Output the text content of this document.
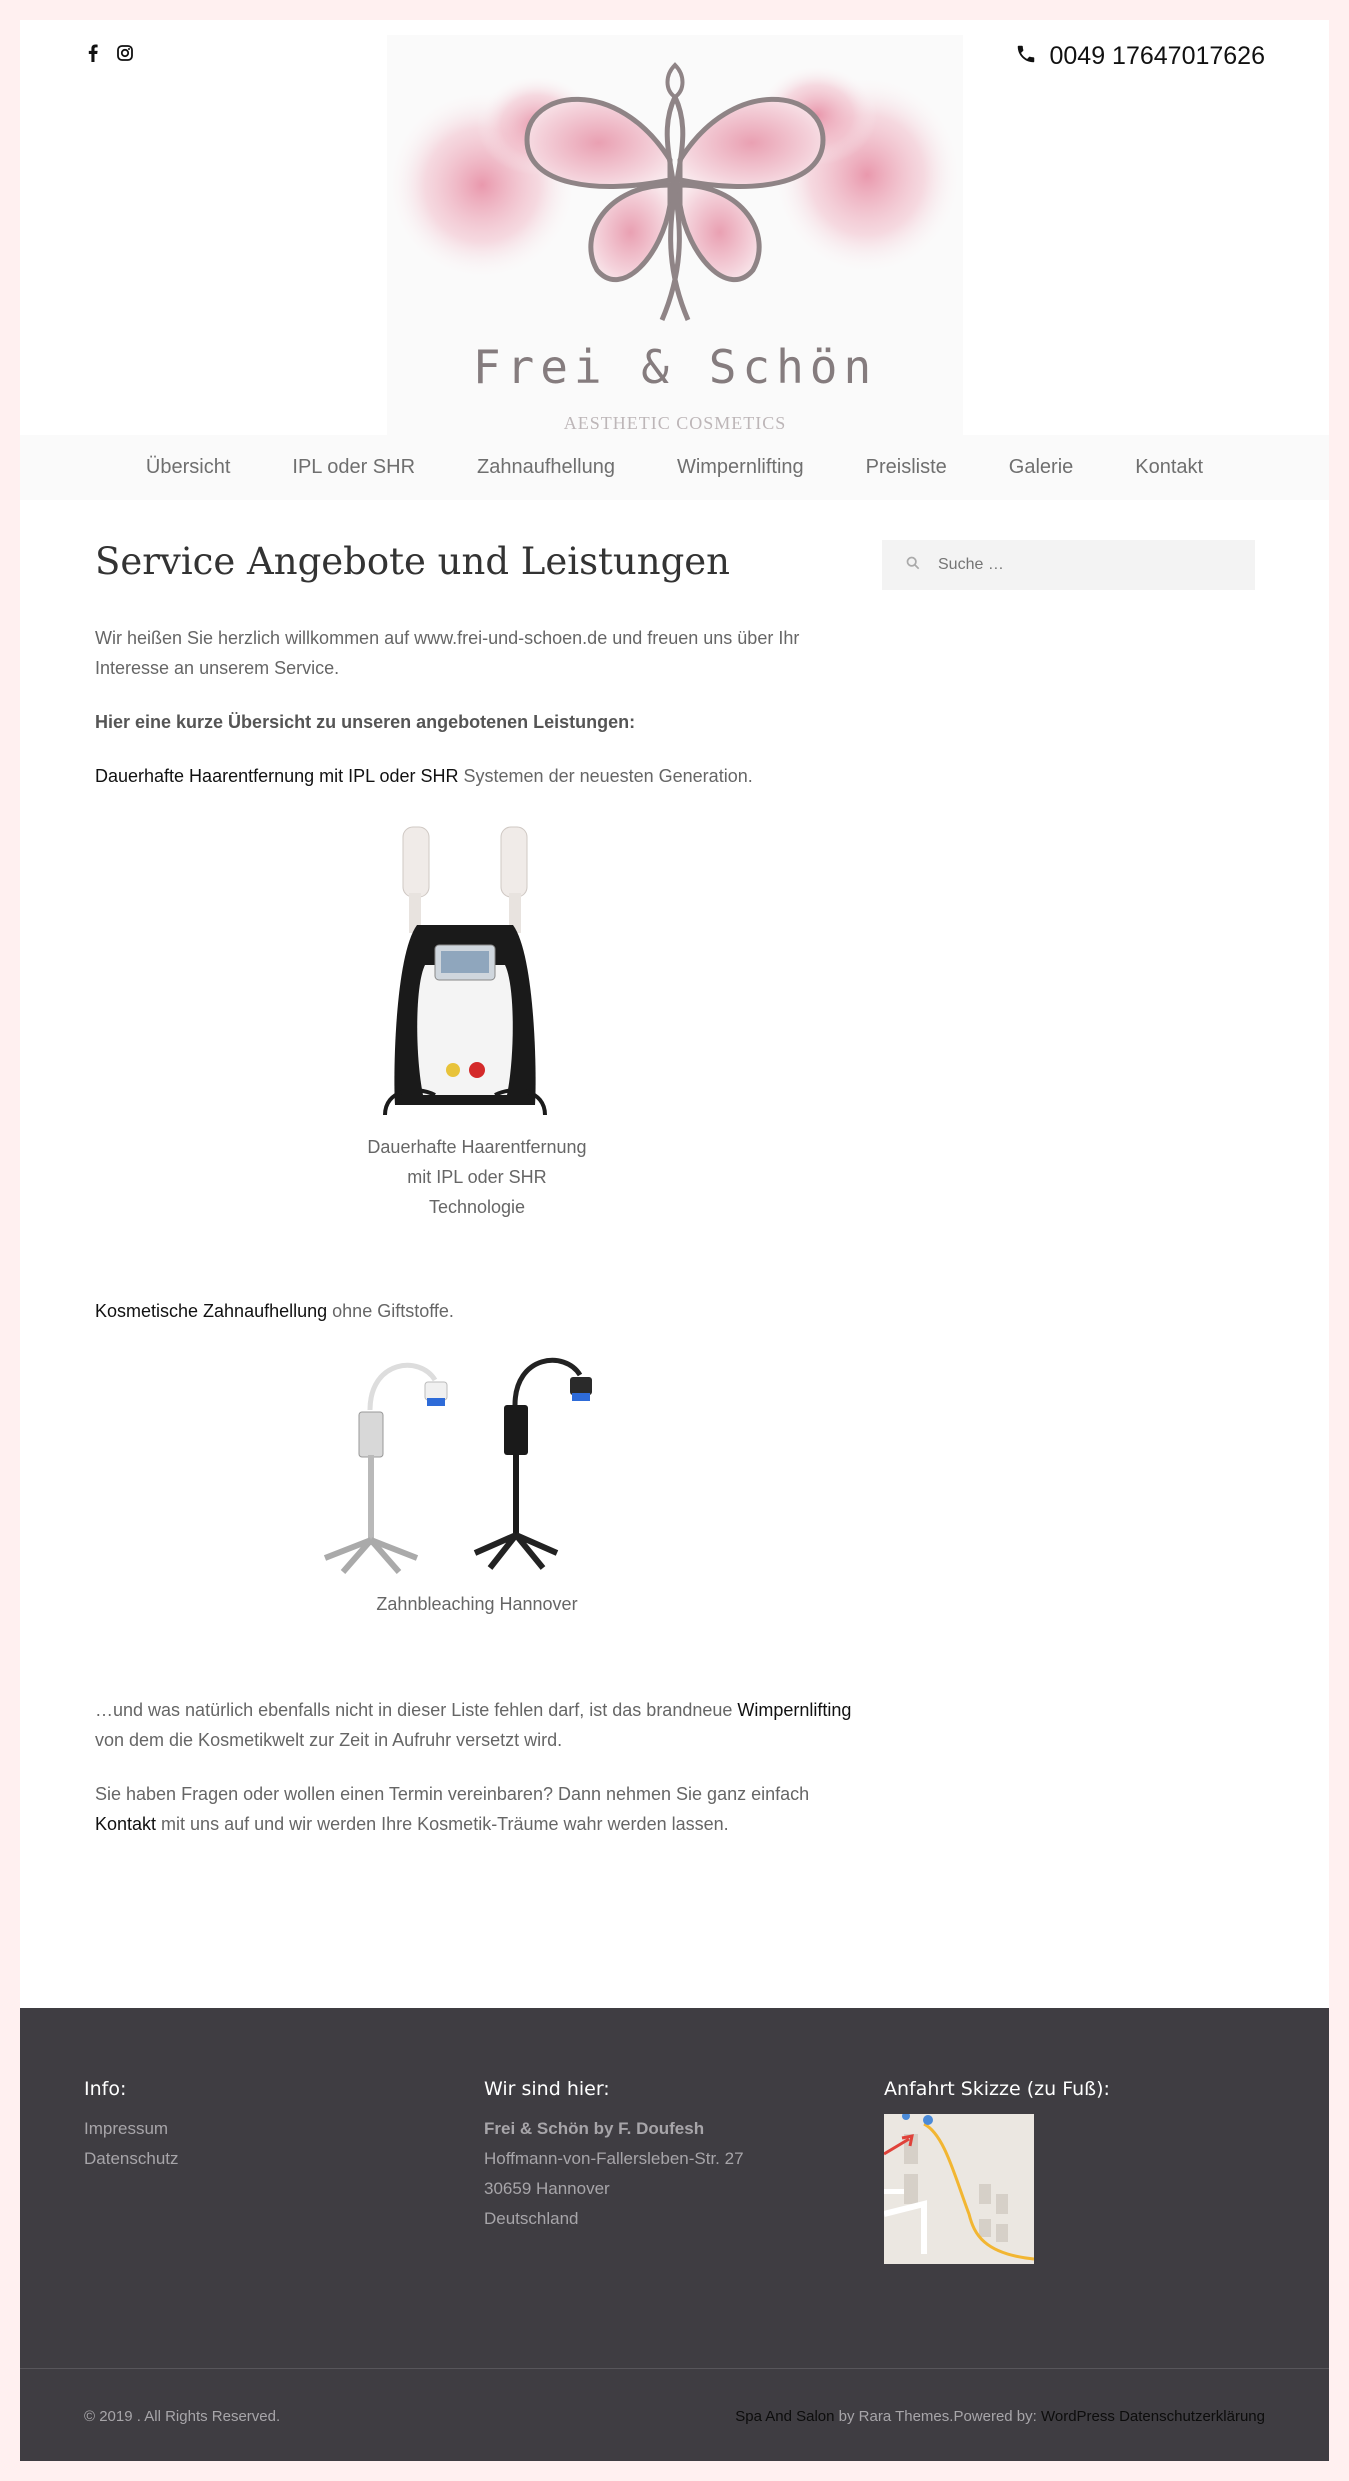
0049 17647017626
Frei & Schön
AESTHETIC COSMETICS
Übersicht	IPL oder SHR	Zahnaufhellung	Wimpernlifting	Preisliste	Galerie	Kontakt
Service Angebote und Leistungen

Wir heißen Sie herzlich willkommen auf www.frei-und-schoen.de und freuen uns über Ihr Interesse an unserem Service.

Hier eine kurze Übersicht zu unseren angebotenen Leistungen:

Dauerhafte Haarentfernung mit IPL oder SHR Systemen der neuesten Generation.

Dauerhafte Haarentfernung
mit IPL oder SHR
Technologie

Kosmetische Zahnaufhellung ohne Giftstoffe.

Zahnbleaching Hannover

…und was natürlich ebenfalls nicht in dieser Liste fehlen darf, ist das brandneue Wimpernlifting von dem die Kosmetikwelt zur Zeit in Aufruhr versetzt wird.

Sie haben Fragen oder wollen einen Termin vereinbaren? Dann nehmen Sie ganz einfach Kontakt mit uns auf und wir werden Ihre Kosmetik-Träume wahr werden lassen.

Suche …
Info:
Impressum
Datenschutz
Wir sind hier:
Frei & Schön by F. Doufesh
Hoffmann-von-Fallersleben-Str. 27
30659 Hannover
Deutschland
Anfahrt Skizze (zu Fuß):
© 2019 . All Rights Reserved.	Spa And Salon by Rara Themes.Powered by: WordPress Datenschutzerklärung
